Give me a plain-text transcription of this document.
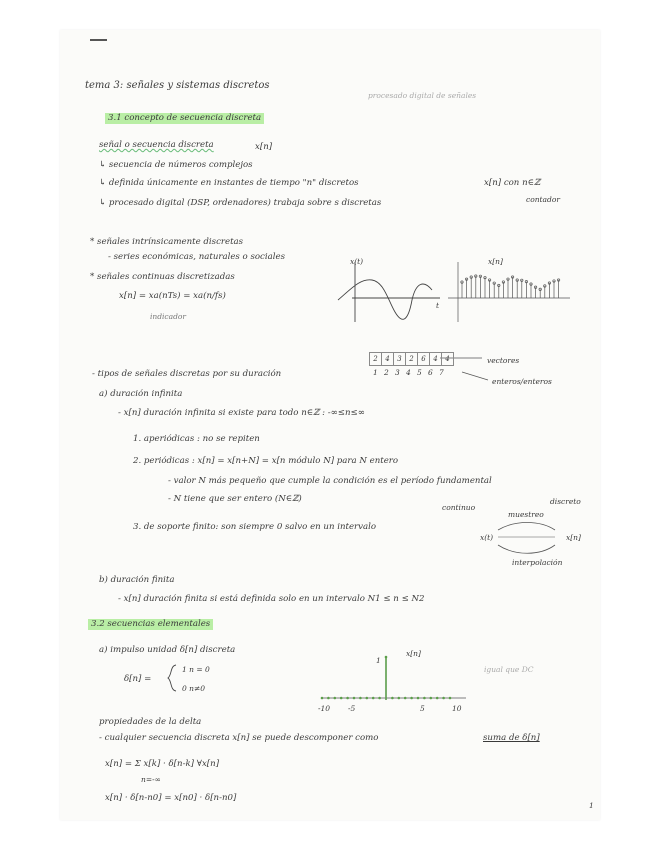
tema 3: señales y sistemas discretos
procesado digital de señales
3.1 concepto de secuencia discreta
señal o secuencia discreta	x[n]
↳ secuencia de números complejos
↳ definida únicamente en instantes de tiempo "n" discretos	x[n] con n∈ℤ
↳ procesado digital (DSP, ordenadores) trabaja sobre s discretas	contador
* señales intrínsicamente discretas
- series económicas, naturales o sociales
* señales continuas discretizadas
x[n] = xa(nTs) = xa(n/fs)
indicador
x(t)
t
x[n]
2	4	3	2	6	4	4
1 2 3 4 5 6 7
vectores
enteros/enteros
- tipos de señales discretas por su duración
a) duración infinita
- x[n] duración infinita si existe para todo n∈ℤ : -∞≤n≤∞
1. aperiódicas : no se repiten
2. periódicas : x[n] = x[n+N] = x[n módulo N] para N entero
- valor N más pequeño que cumple la condición es el período fundamental
- N tiene que ser entero (N∈ℤ)
3. de soporte finito: son siempre 0 salvo en un intervalo
continuo
discreto
muestreo
interpolación
x(t)	x[n]
b) duración finita
- x[n] duración finita si está definida solo en un intervalo N1 ≤ n ≤ N2
3.2 secuencias elementales
a) impulso unidad δ[n] discreta
δ[n] =
1 n = 0
0 n≠0
x[n]
1
-10 -5	5	10
igual que DC
propiedades de la delta
- cualquier secuencia discreta x[n] se puede descomponer como	suma de δ[n]
x[n] = Σ x[k] · δ[n-k] ∀x[n]
n=-∞
x[n] · δ[n-n0] = x[n0] · δ[n-n0]
1
